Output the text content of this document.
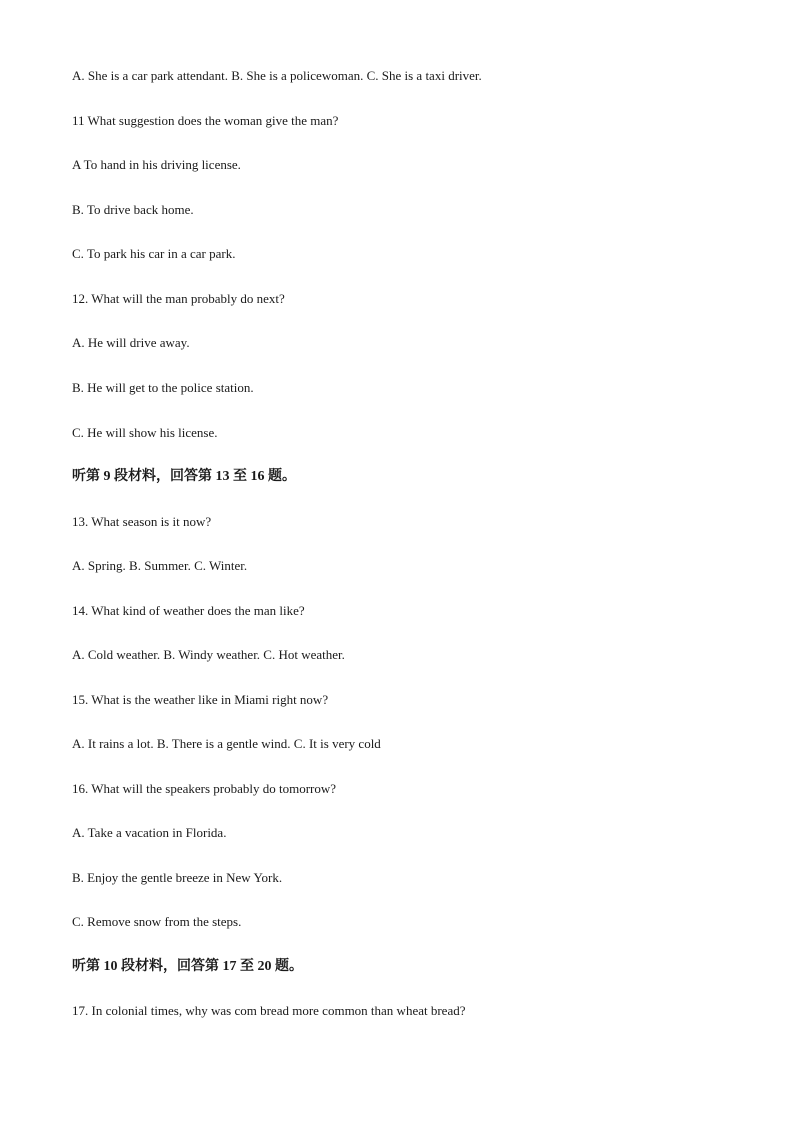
A. She is a car park attendant. B. She is a policewoman. C. She is a taxi driver.
11 What suggestion does the woman give the man?
A To hand in his driving license.
B. To drive back home.
C. To park his car in a car park.
12. What will the man probably do next?
A. He will drive away.
B. He will get to the police station.
C. He will show his license.
听第 9 段材料，回答第 13 至 16 题。
13. What season is it now?
A. Spring. B. Summer. C. Winter.
14. What kind of weather does the man like?
A. Cold weather. B. Windy weather. C. Hot weather.
15. What is the weather like in Miami right now?
A. It rains a lot. B. There is a gentle wind. C. It is very cold
16. What will the speakers probably do tomorrow?
A. Take a vacation in Florida.
B. Enjoy the gentle breeze in New York.
C. Remove snow from the steps.
听第 10 段材料，回答第 17 至 20 题。
17. In colonial times, why was com bread more common than wheat bread?
